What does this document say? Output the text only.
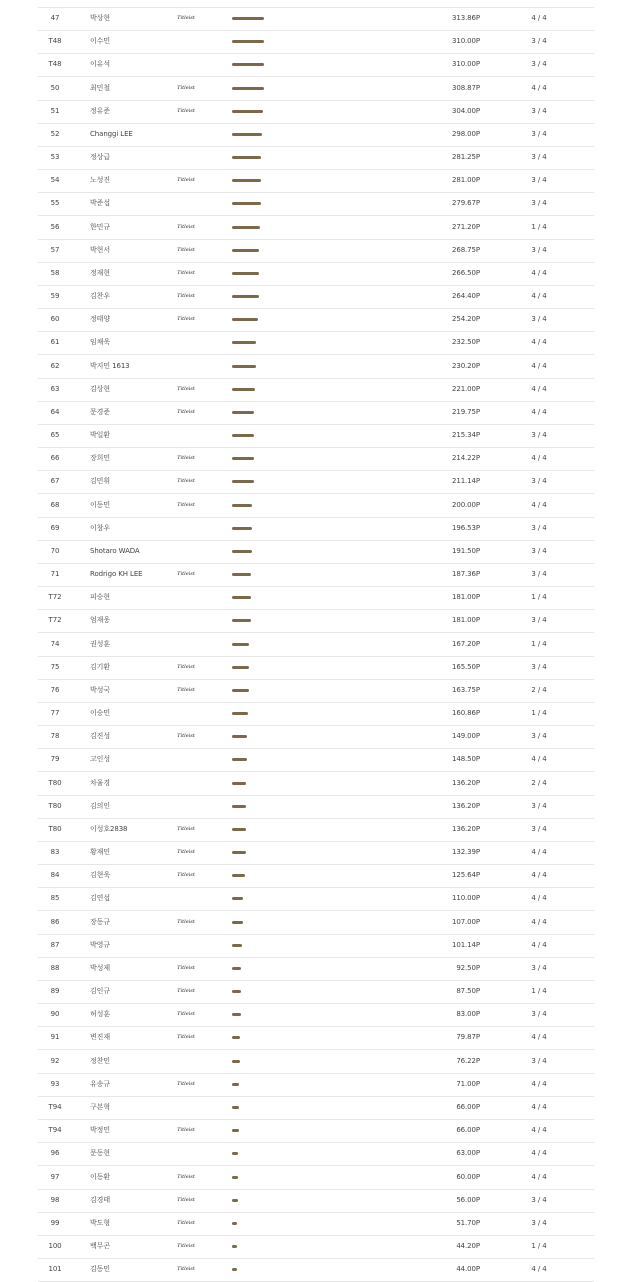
47	박상현	Titleist	313.86P	4 / 4
T48	이수민	310.00P	3 / 4
T48	이유석	310.00P	3 / 4
50	최민철	Titleist	308.87P	4 / 4
51	정유준	Titleist	304.00P	3 / 4
52	Changgi LEE	298.00P	3 / 4
53	정상급	281.25P	3 / 4
54	노성진	Titleist	281.00P	3 / 4
55	박준섭	279.67P	3 / 4
56	한민규	Titleist	271.20P	1 / 4
57	박현서	Titleist	268.75P	3 / 4
58	정재현	Titleist	266.50P	4 / 4
59	김찬우	Titleist	264.40P	4 / 4
60	정태양	Titleist	254.20P	3 / 4
61	임채욱	232.50P	4 / 4
62	박지민 1613	230.20P	4 / 4
63	김상현	Titleist	221.00P	4 / 4
64	문경준	Titleist	219.75P	4 / 4
65	박일환	215.34P	3 / 4
66	장희민	Titleist	214.22P	4 / 4
67	김민휘	Titleist	211.14P	3 / 4
68	이동민	Titleist	200.00P	4 / 4
69	이창우	196.53P	3 / 4
70	Shotaro WADA	191.50P	3 / 4
71	Rodrigo KH LEE	Titleist	187.36P	3 / 4
T72	피승현	181.00P	1 / 4
T72	엄재웅	181.00P	3 / 4
74	권성훈	167.20P	1 / 4
75	김기환	Titleist	165.50P	3 / 4
76	박성국	Titleist	163.75P	2 / 4
77	이승민	160.86P	1 / 4
78	김진성	Titleist	149.00P	3 / 4
79	고인성	148.50P	4 / 4
T80	차율경	136.20P	2 / 4
T80	김의인	136.20P	3 / 4
T80	이성호2838	Titleist	136.20P	3 / 4
83	황재민	Titleist	132.39P	4 / 4
84	김현욱	Titleist	125.64P	4 / 4
85	김연섭	110.00P	4 / 4
86	장동규	Titleist	107.00P	4 / 4
87	박영규	101.14P	4 / 4
88	박성제	Titleist	92.50P	3 / 4
89	김인규	Titleist	87.50P	1 / 4
90	허성훈	Titleist	83.00P	3 / 4
91	변진재	Titleist	79.87P	4 / 4
92	정찬민	76.22P	3 / 4
93	유송규	Titleist	71.00P	4 / 4
T94	구본혁	66.00P	4 / 4
T94	박정민	Titleist	66.00P	4 / 4
96	문동현	63.00P	4 / 4
97	이동환	Titleist	60.00P	4 / 4
98	김경태	Titleist	56.00P	3 / 4
99	박도형	Titleist	51.70P	3 / 4
100	백무곤	Titleist	44.20P	1 / 4
101	김동민	Titleist	44.00P	4 / 4
